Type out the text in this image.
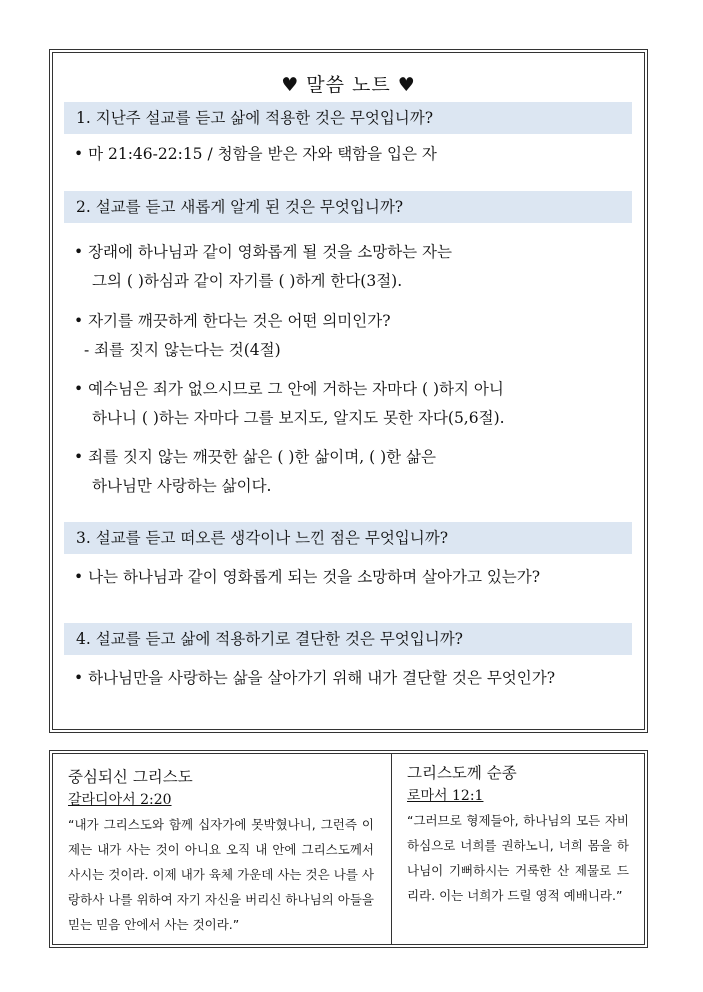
♥ 말씀 노트 ♥
1. 지난주 설교를 듣고 삶에 적용한 것은 무엇입니까?
• 마 21:46-22:15 / 청함을 받은 자와 택함을 입은 자
2. 설교를 듣고 새롭게 알게 된 것은 무엇입니까?
• 장래에 하나님과 같이 영화롭게 될 것을 소망하는 자는
그의 ( )하심과 같이 자기를 ( )하게 한다(3절).
• 자기를 깨끗하게 한다는 것은 어떤 의미인가?
- 죄를 짓지 않는다는 것(4절)
• 예수님은 죄가 없으시므로 그 안에 거하는 자마다 ( )하지 아니
하나니 ( )하는 자마다 그를 보지도, 알지도 못한 자다(5,6절).
• 죄를 짓지 않는 깨끗한 삶은 ( )한 삶이며, ( )한 삶은
하나님만 사랑하는 삶이다.
3. 설교를 듣고 떠오른 생각이나 느낀 점은 무엇입니까?
• 나는 하나님과 같이 영화롭게 되는 것을 소망하며 살아가고 있는가?
4. 설교를 듣고 삶에 적용하기로 결단한 것은 무엇입니까?
• 하나님만을 사랑하는 삶을 살아가기 위해 내가 결단할 것은 무엇인가?
중심되신 그리스도
갈라디아서 2:20
“내가 그리스도와 함께 십자가에 못박혔나니, 그런즉 이제는 내가 사는 것이 아니요 오직 내 안에 그리스도께서 사시는 것이라. 이제 내가 육체 가운데 사는 것은 나를 사랑하사 나를 위하여 자기 자신을 버리신 하나님의 아들을 믿는 믿음 안에서 사는 것이라.”
그리스도께 순종
로마서 12:1
“그러므로 형제들아, 하나님의 모든 자비하심으로 너희를 권하노니, 너희 몸을 하나님이 기뻐하시는 거룩한 산 제물로 드리라. 이는 너희가 드릴 영적 예배니라.”
